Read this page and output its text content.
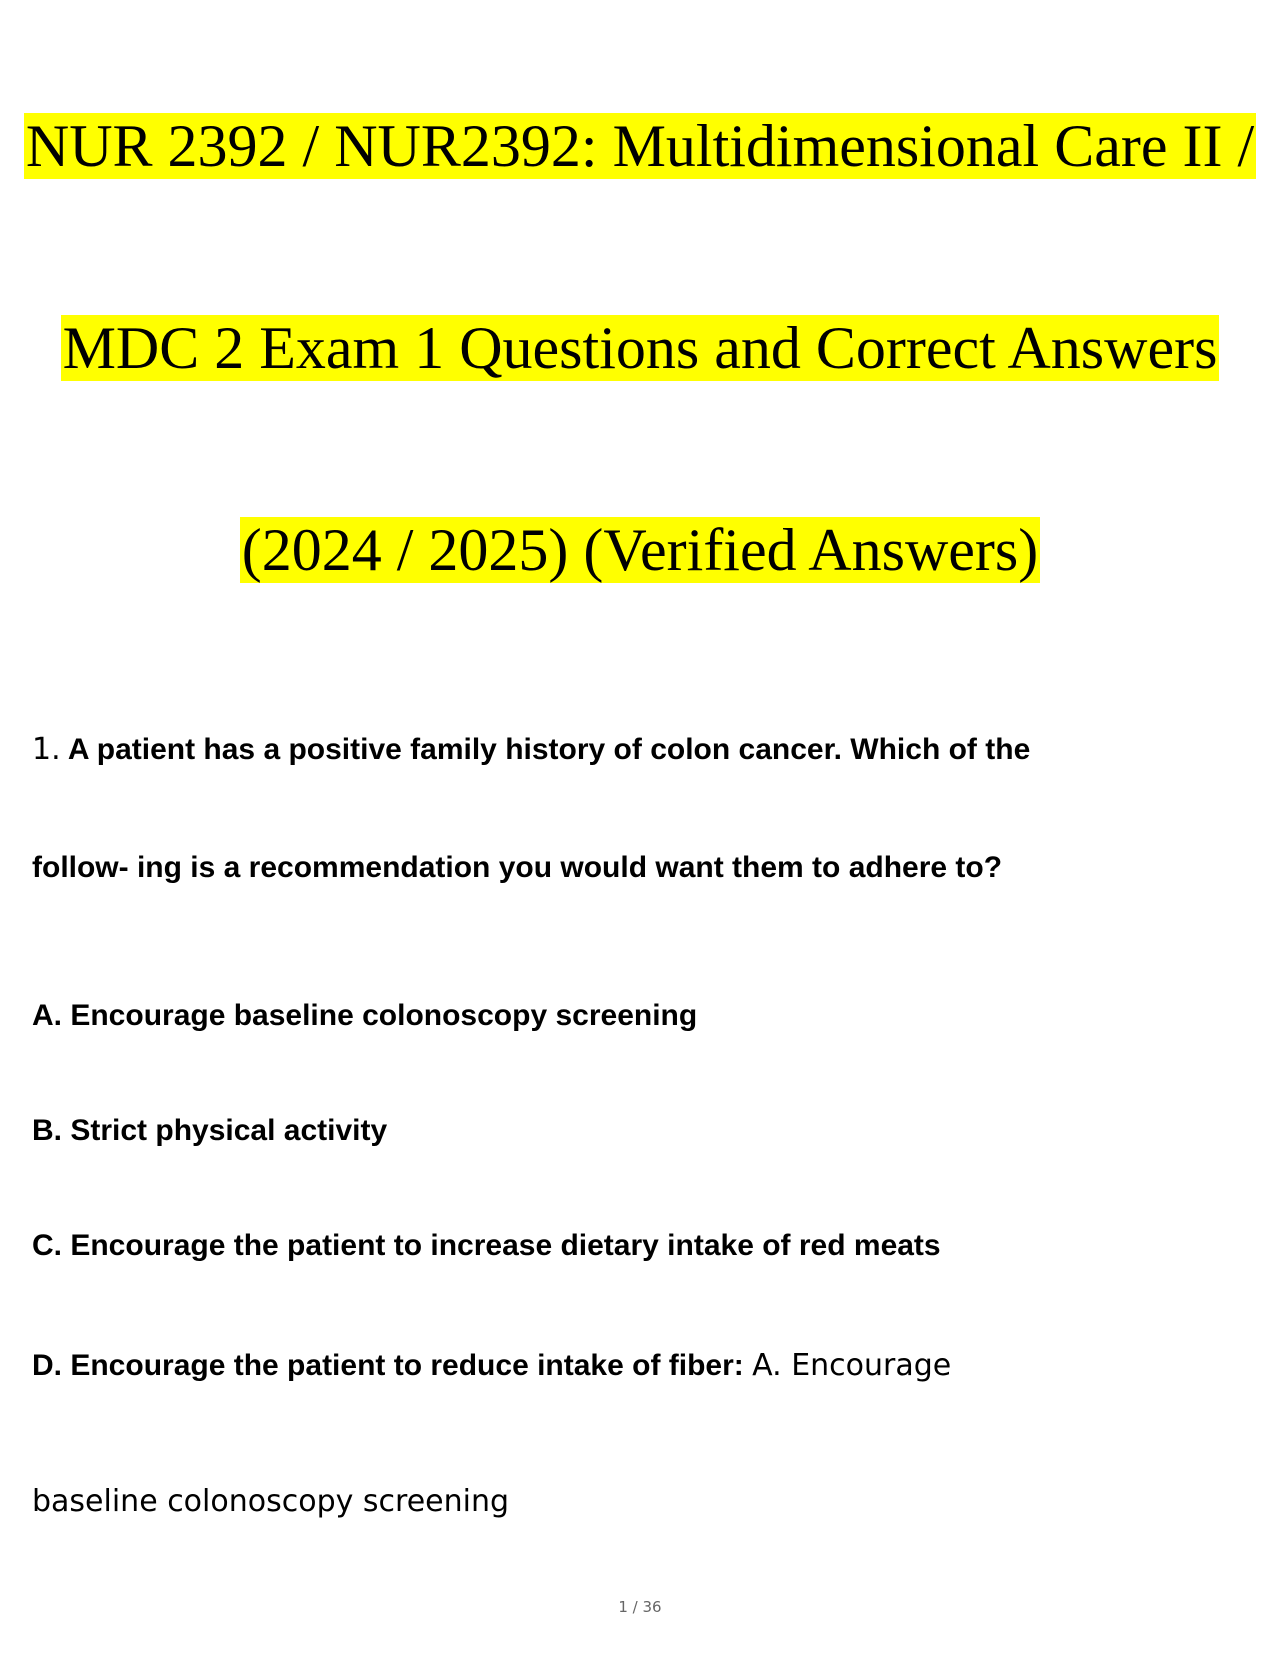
NUR 2392 / NUR2392: Multidimensional Care II /
MDC 2 Exam 1 Questions and Correct Answers
(2024 / 2025) (Verified Answers)
1. A patient has a positive family history of colon cancer. Which of the
follow- ing is a recommendation you would want them to adhere to?
A. Encourage baseline colonoscopy screening
B. Strict physical activity
C. Encourage the patient to increase dietary intake of red meats
D. Encourage the patient to reduce intake of fiber: A. Encourage
baseline colonoscopy screening
1 / 36
